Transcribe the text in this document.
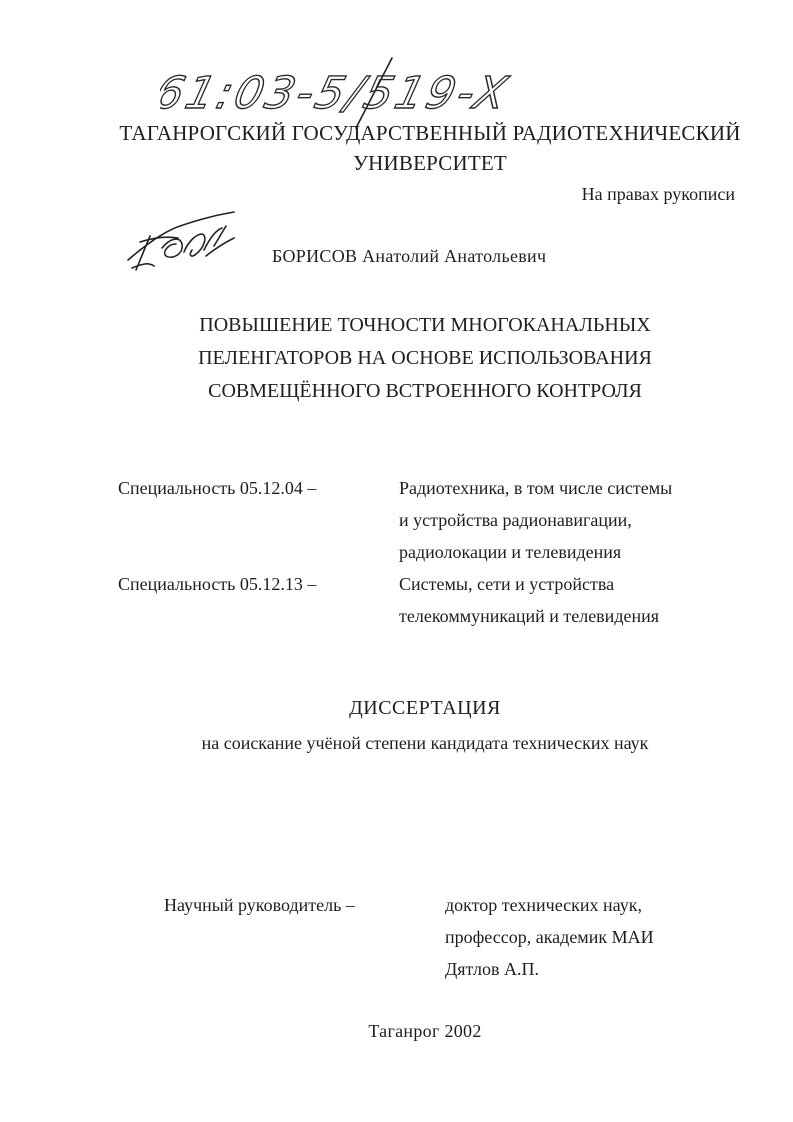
61:03-5/519-X
ТАГАНРОГСКИЙ ГОСУДАРСТВЕННЫЙ РАДИОТЕХНИЧЕСКИЙ
УНИВЕРСИТЕТ
На правах рукописи
БОРИСОВ Анатолий Анатольевич
ПОВЫШЕНИЕ ТОЧНОСТИ МНОГОКАНАЛЬНЫХ
ПЕЛЕНГАТОРОВ НА ОСНОВЕ ИСПОЛЬЗОВАНИЯ
СОВМЕЩЁННОГО ВСТРОЕННОГО КОНТРОЛЯ
Специальность 05.12.04 –	Радиотехника, в том числе системы
и устройства радионавигации,
радиолокации и телевидения
Специальность 05.12.13 –	Системы, сети и устройства
телекоммуникаций и телевидения
ДИССЕРТАЦИЯ
на соискание учёной степени кандидата технических наук
Научный руководитель –	доктор технических наук,
профессор, академик МАИ
Дятлов А.П.
Таганрог 2002
